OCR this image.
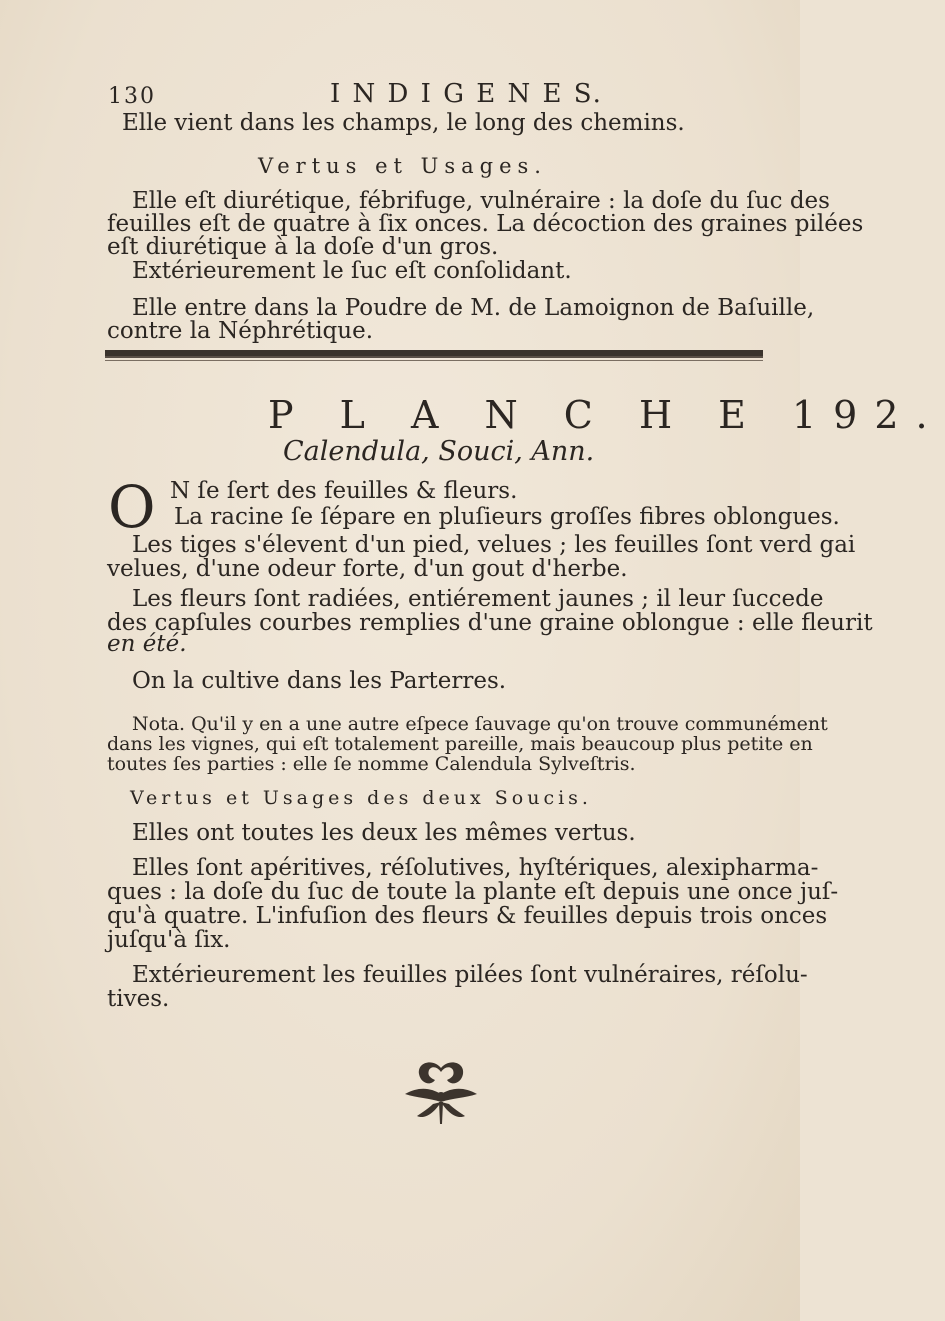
130	I N D I G E N E S.
Elle vient dans les champs, le long des chemins.
Vertus et Usages.
Elle eſt diurétique, fébrifuge, vulnéraire : la doſe du ſuc des
feuilles eſt de quatre à ſix onces. La décoction des graines pilées
eſt diurétique à la doſe d'un gros.
Extérieurement le ſuc eſt conſolidant.
Elle entre dans la Poudre de M. de Lamoignon de Baſuille,
contre la Néphrétique.
P L A N C H E 192.
Calendula, Souci, Ann.
O N ſe ſert des feuilles & fleurs.
La racine ſe ſépare en pluſieurs groſſes fibres oblongues.
Les tiges s'élevent d'un pied, velues ; les feuilles ſont verd gai
velues, d'une odeur forte, d'un gout d'herbe.
Les fleurs ſont radiées, entiérement jaunes ; il leur ſuccede
des capſules courbes remplies d'une graine oblongue : elle fleurit
en été.
On la cultive dans les Parterres.
Nota. Qu'il y en a une autre eſpece ſauvage qu'on trouve communément
dans les vignes, qui eſt totalement pareille, mais beaucoup plus petite en
toutes ſes parties : elle ſe nomme Calendula Sylveſtris.
Vertus et Usages des deux Soucis.
Elles ont toutes les deux les mêmes vertus.
Elles ſont apéritives, réſolutives, hyſtériques, alexipharma-
ques : la doſe du ſuc de toute la plante eſt depuis une once juſ-
qu'à quatre. L'infuſion des fleurs & feuilles depuis trois onces
juſqu'à ſix.
Extérieurement les feuilles pilées ſont vulnéraires, réſolu-
tives.
